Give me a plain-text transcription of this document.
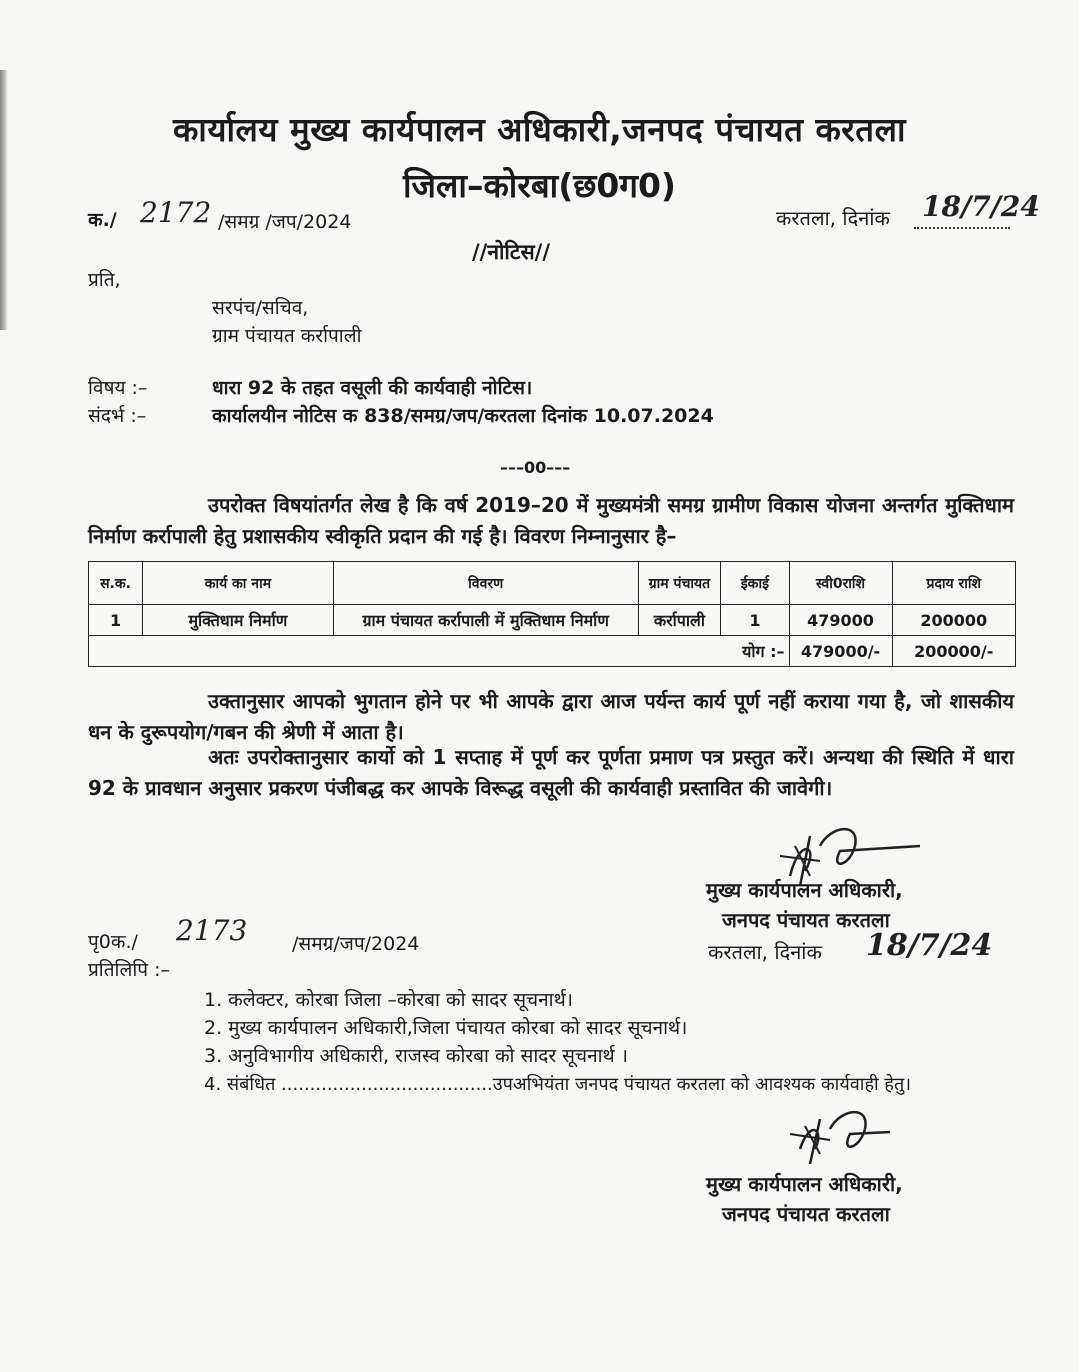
कार्यालय मुख्य कार्यपालन अधिकारी,जनपद पंचायत करतला
जिला–कोरबा(छ0ग0)
क./ 2172 /समग्र /जप/2024	करतला, दिनांक 18/7/24
//नोटिस//
प्रति,
सरपंच/सचिव,
ग्राम पंचायत कर्रापाली
विषय :–	धारा 92 के तहत वसूली की कार्यवाही नोटिस।
संदर्भ :–	कार्यालयीन नोटिस क 838/समग्र/जप/करतला दिनांक 10.07.2024
–––00–––
उपरोक्त विषयांतर्गत लेख है कि वर्ष 2019–20 में मुख्यमंत्री समग्र ग्रामीण विकास योजना अन्तर्गत मुक्तिधाम निर्माण कर्रापाली हेतु प्रशासकीय स्वीकृति प्रदान की गई है। विवरण निम्नानुसार है–
स.क.	कार्य का नाम	विवरण	ग्राम पंचायत	ईकाई	स्वी0राशि	प्रदाय राशि
1	मुक्तिधाम निर्माण	ग्राम पंचायत कर्रापाली में मुक्तिधाम निर्माण	कर्रापाली	1	479000	200000
योग :–					479000/-	200000/-
उक्तानुसार आपको भुगतान होने पर भी आपके द्वारा आज पर्यन्त कार्य पूर्ण नहीं कराया गया है, जो शासकीय धन के दुरूपयोग/गबन की श्रेणी में आता है।
अतः उपरोक्तानुसार कार्यो को 1 सप्ताह में पूर्ण कर पूर्णता प्रमाण पत्र प्रस्तुत करें। अन्यथा की स्थिति में धारा 92 के प्रावधान अनुसार प्रकरण पंजीबद्ध कर आपके विरूद्ध वसूली की कार्यवाही प्रस्तावित की जावेगी।
मुख्य कार्यपालन अधिकारी,
जनपद पंचायत करतला
करतला, दिनांक 18/7/24
पृ0क./ 2173 /समग्र/जप/2024
प्रतिलिपि :–
1. कलेक्टर, कोरबा जिला –कोरबा को सादर सूचनार्थ।
2. मुख्य कार्यपालन अधिकारी,जिला पंचायत कोरबा को सादर सूचनार्थ।
3. अनुविभागीय अधिकारी, राजस्व कोरबा को सादर सूचनार्थ ।
4. संबंधित .....................................उपअभियंता जनपद पंचायत करतला को आवश्यक कार्यवाही हेतु।
मुख्य कार्यपालन अधिकारी,
जनपद पंचायत करतला
